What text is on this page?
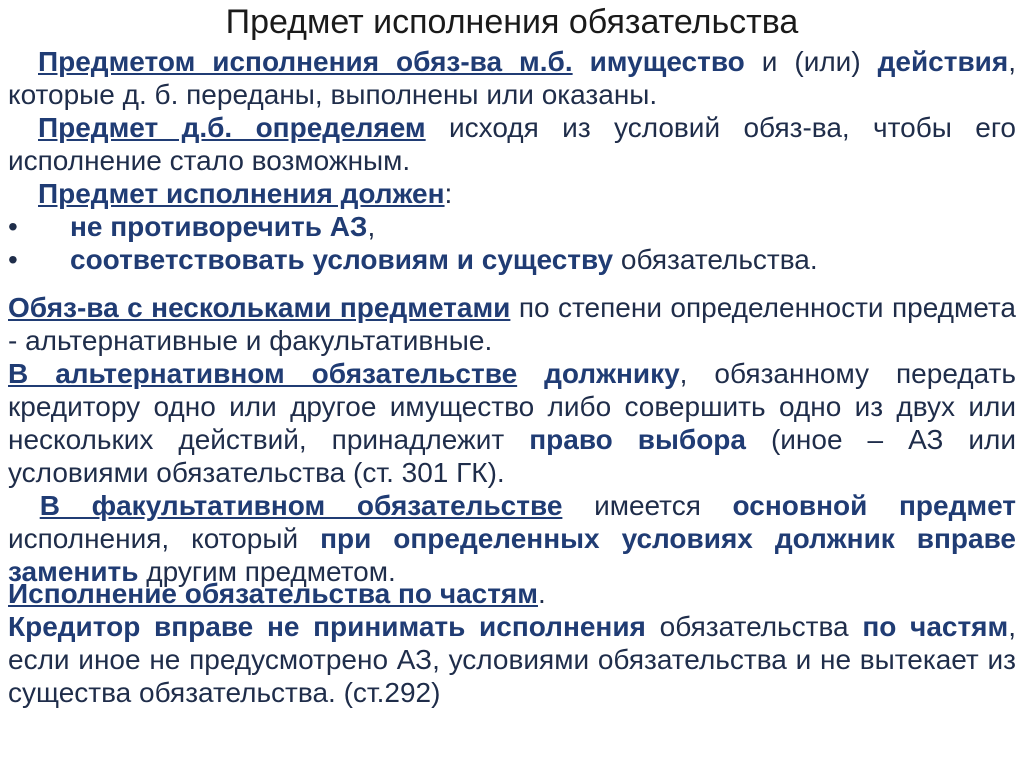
Предмет исполнения обязательства

Предметом исполнения обяз-ва м.б. имущество и (или) действия, которые д. б. переданы, выполнены или оказаны.

Предмет д.б. определяем исходя из условий обяз-ва, чтобы его исполнение стало возможным.

Предмет исполнения должен:

•	не противоречить АЗ,
•	соответствовать условиям и существу обязательства.

Обяз-ва с нескольками предметами по степени определенности предмета - альтернативные и факультативные.

В альтернативном обязательстве должнику, обязанному передать кредитору одно или другое имущество либо совершить одно из двух или нескольких действий, принадлежит право выбора (иное – АЗ или условиями обязательства (ст. 301 ГК).

В факультативном обязательстве имеется основной предмет исполнения, который при определенных условиях должник вправе заменить другим предметом.

Исполнение обязательства по частям.

Кредитор вправе не принимать исполнения обязательства по частям, если иное не предусмотрено АЗ, условиями обязательства и не вытекает из существа обязательства. (ст.292)
